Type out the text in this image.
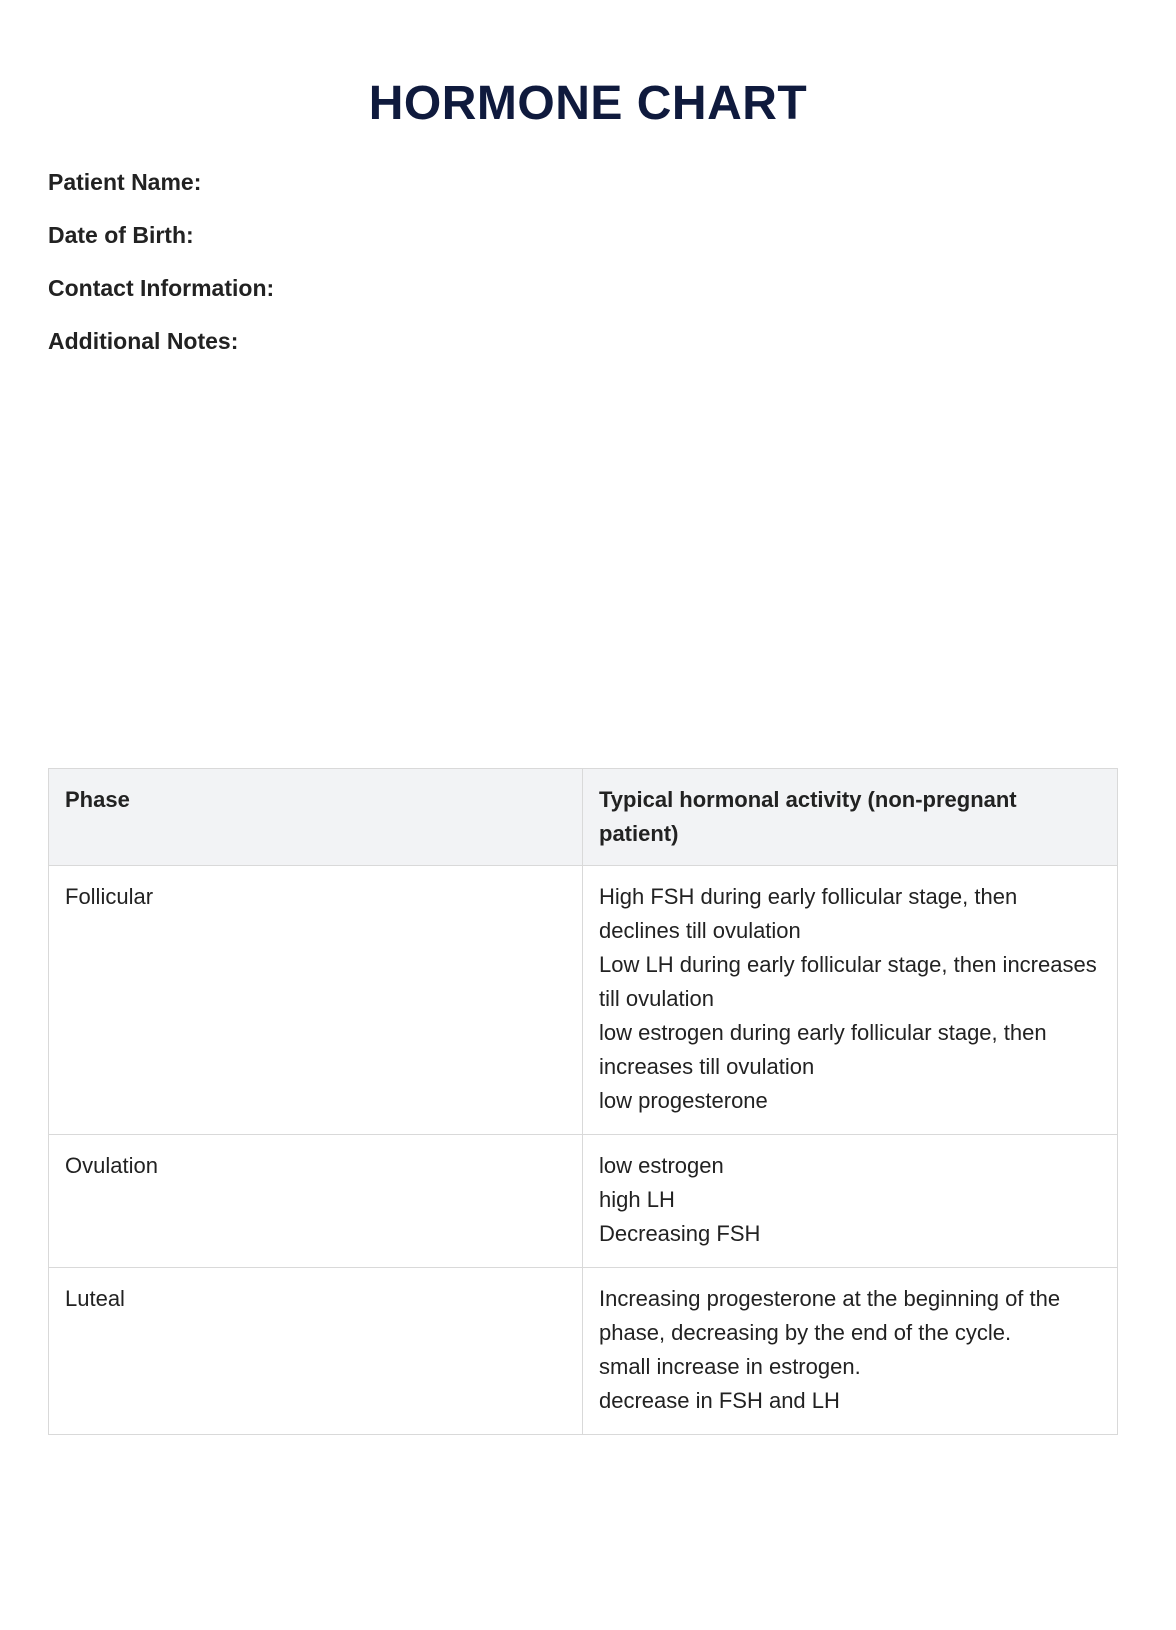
HORMONE CHART
Patient Name:
Date of Birth:
Contact Information:
Additional Notes:
Phase	Typical hormonal activity (non-pregnant patient)
Follicular	High FSH during early follicular stage, then declines till ovulation
Low LH during early follicular stage, then increases till ovulation
low estrogen during early follicular stage, then increases till ovulation
low progesterone

Ovulation	low estrogen
high LH
Decreasing FSH

Luteal	Increasing progesterone at the beginning of the phase, decreasing by the end of the cycle.
small increase in estrogen.
decrease in FSH and LH
